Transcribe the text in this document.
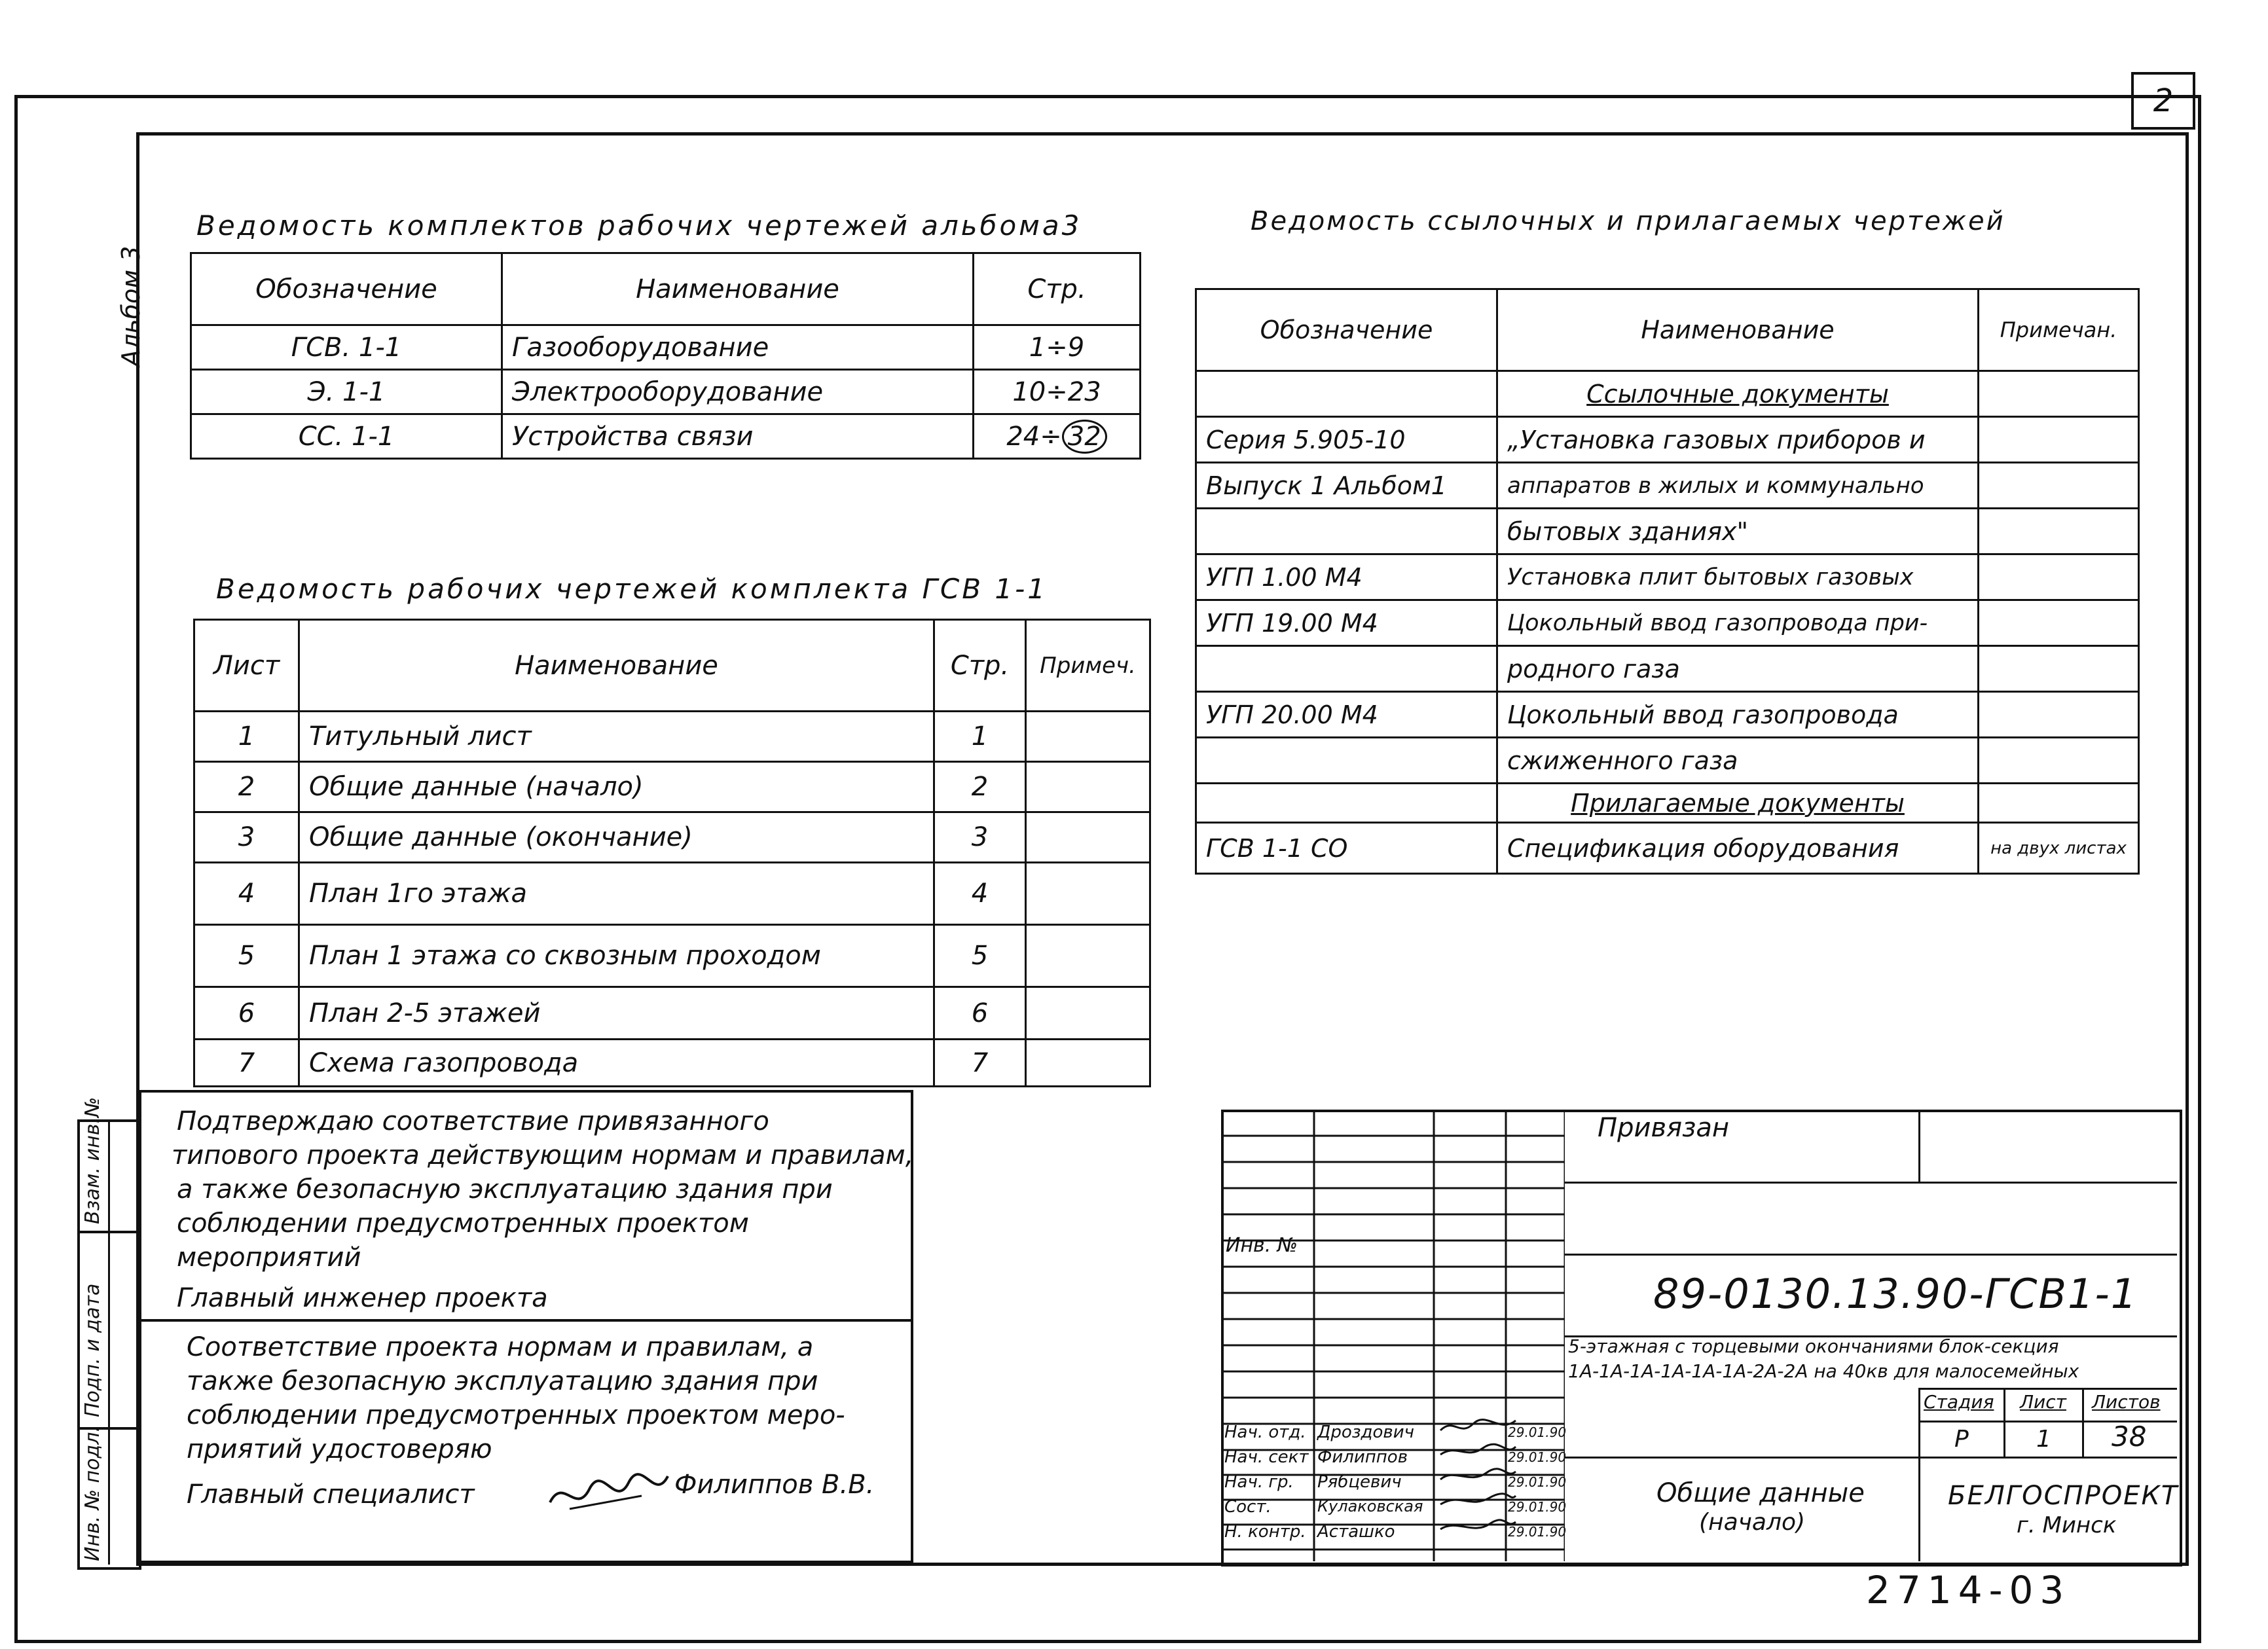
2
Альбом 3
Ведомость комплектов рабочих чертежей альбома3
Обозначение	Наименование	Стр.
ГСВ. 1-1	Газооборудование	1÷9
Э. 1-1	Электрооборудование	10÷23
СС. 1-1	Устройства связи	24÷ 32
Ведомость рабочих чертежей комплекта ГСВ 1-1
Лист	Наименование	Стр.	Примеч.
1	Титульный лист	1	
2	Общие данные (начало)	2	
3	Общие данные (окончание)	3	
4	План 1го этажа	4	
5	План 1 этажа со сквозным проходом	5	
6	План 2-5 этажей	6	
7	Схема газопровода	7	
Ведомость ссылочных и прилагаемых чертежей
Обозначение	Наименование	Примечан.
	Ссылочные документы	
Серия 5.905-10	„Установка газовых приборов и	
Выпуск 1 Альбом1	аппаратов в жилых и коммунально	
	бытовых зданиях"	
УГП 1.00 М4	Установка плит бытовых газовых	
УГП 19.00 М4	Цокольный ввод газопровода при-	
	родного газа	
УГП 20.00 М4	Цокольный ввод газопровода	
	сжиженного газа	
	Прилагаемые документы	
ГСВ 1-1 СО	Спецификация оборудования	на двух листах
Взам. инв.№
Подп. и дата
Инв. № подл.
Подтверждаю соответствие привязанного
типового проекта действующим нормам и правилам,
а также безопасную эксплуатацию здания при
соблюдении предусмотренных проектом
мероприятий
Главный инженер проекта
Соответствие проекта нормам и правилам, а
также безопасную эксплуатацию здания при
соблюдении предусмотренных проектом меро-
приятий удостоверяю
Главный специалист	Филиппов В.В.
Инв. №
Нач. отд. Дроздович	29.01.90
Нач. сект Филиппов	29.01.90
Нач. гр. Рябцевич	29.01.90
Сост.	Кулаковская	29.01.90
Н. контр. Асташко	29.01.90
Привязан
89-0130.13.90-ГСВ1-1
5-этажная с торцевыми окончаниями блок-секция
1А-1А-1А-1А-1А-1А-2А-2А на 40кв для малосемейных
Стадия Лист Листов
Р	1 38
Общие данные
(начало)
БЕЛГОСПРОЕКТ
г. Минск
2714-03
